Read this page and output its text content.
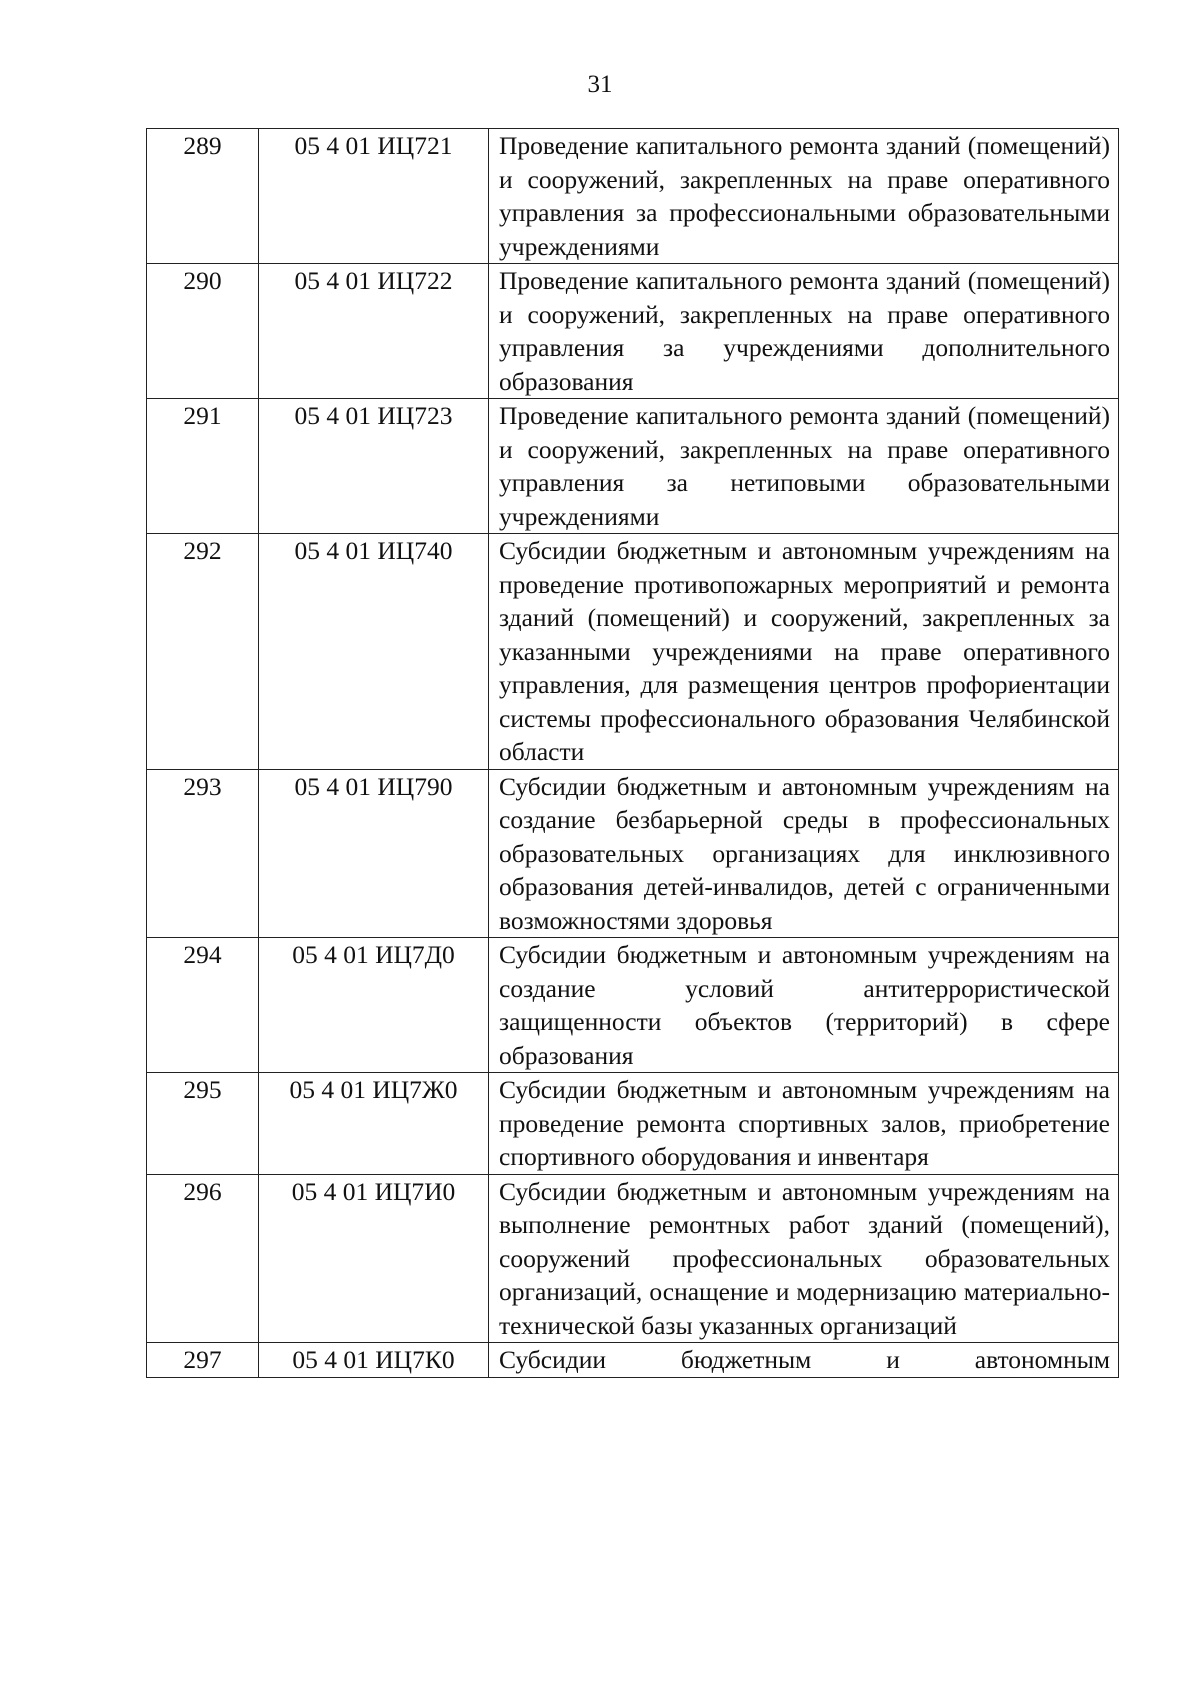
31
289	05 4 01 ИЦ721	Проведение капитального ремонта зданий (помещений) и сооружений, закрепленных на праве оперативного управления за профессиональными образовательными учреждениями
290	05 4 01 ИЦ722	Проведение капитального ремонта зданий (помещений) и сооружений, закрепленных на праве оперативного управления за учреждениями дополнительного образования
291	05 4 01 ИЦ723	Проведение капитального ремонта зданий (помещений) и сооружений, закрепленных на праве оперативного управления за нетиповыми образовательными учреждениями
292	05 4 01 ИЦ740	Субсидии бюджетным и автономным учреждениям на проведение противопожарных мероприятий и ремонта зданий (помещений) и сооружений, закрепленных за указанными учреждениями на праве оперативного управления, для размещения центров профориентации системы профессионального образования Челябинской области
293	05 4 01 ИЦ790	Субсидии бюджетным и автономным учреждениям на создание безбарьерной среды в профессиональных образовательных организациях для инклюзивного образования детей-инвалидов, детей с ограниченными возможностями здоровья
294	05 4 01 ИЦ7Д0	Субсидии бюджетным и автономным учреждениям на создание условий антитеррористической защищенности объектов (территорий) в сфере образования
295	05 4 01 ИЦ7Ж0	Субсидии бюджетным и автономным учреждениям на проведение ремонта спортивных залов, приобретение спортивного оборудования и инвентаря
296	05 4 01 ИЦ7И0	Субсидии бюджетным и автономным учреждениям на выполнение ремонтных работ зданий (помещений), сооружений профессиональных образовательных организаций, оснащение и модернизацию материально-технической базы указанных организаций
297	05 4 01 ИЦ7К0	Субсидии бюджетным и автономным
